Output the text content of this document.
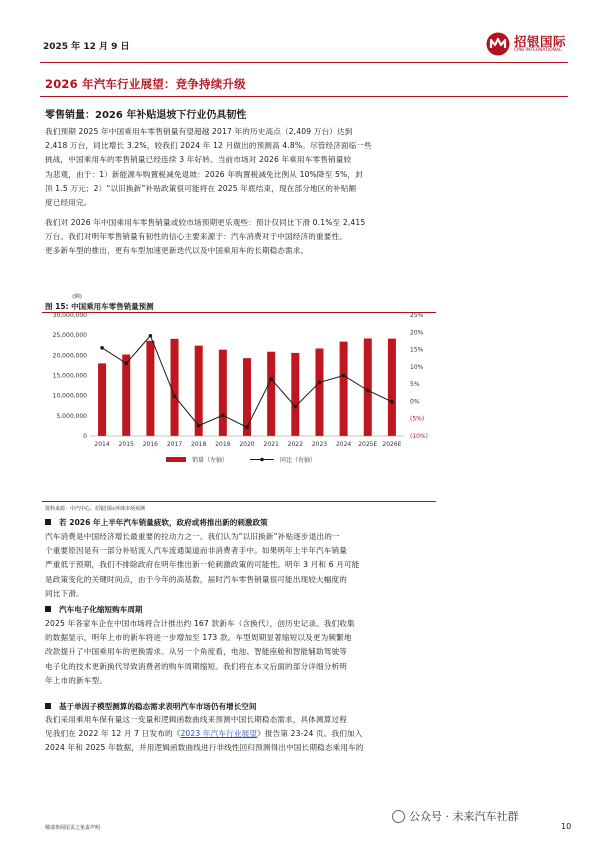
2025 年 12 月 9 日	招银国际
CMB INTERNATIONAL
2026 年汽车行业展望：竞争持续升级
零售销量：2026 年补贴退坡下行业仍具韧性

我们预期 2025 年中国乘用车零售销量有望超越 2017 年的历史高点（2,409 万台）达到

2,418 万台，同比增长 3.2%，较我们 2024 年 12 月做出的预测高 4.8%。尽管经济面临一些

挑战，中国乘用车的零售销量已经连续 3 年好转。当前市场对 2026 年乘用车零售销量较

为悲观，由于：1）新能源车购置税减免退坡：2026 年购置税减免比例从 10%降至 5%，封

顶 1.5 万元；2）“以旧换新”补贴政策很可能将在 2025 年底结束，现在部分地区的补贴额

度已经用完。

我们对 2026 年中国乘用车零售销量或较市场预期更乐观些：预计仅同比下滑 0.1%至 2,415

万台。我们对明年零售销量有韧性的信心主要来源于：汽车消费对于中国经济的重要性、

更多新车型的推出、更有车型加速更新迭代以及中国乘用车的长期稳态需求。

图 15: 中国乘用车零售销量预测
(辆)
30,000,000
25,000,000
20,000,000
15,000,000
10,000,000
5,000,000
0
25%
20%
15%
10%
5%
0%
(5%)
(10%)
2014 2015 2016 2017 2018 2019 2020 2021 2022 2023 2024 2025E 2026E
销量（左轴）	同比（右轴）
资料来源：中汽中心、招银国际环球市场预测
若 2026 年上半年汽车销量疲软，政府或将推出新的刺激政策

汽车消费是中国经济增长最重要的拉动力之一。我们认为“以旧换新”补贴逐步退出的一

个重要原因是有一部分补贴流入汽车流通渠道而非消费者手中。如果明年上半年汽车销量

严重低于预期，我们不排除政府在明年推出新一轮刺激政策的可能性。明年 3 月和 6 月可能

是政策变化的关键时间点，由于今年的高基数，届时汽车零售销量很可能出现较大幅度的

同比下滑。

汽车电子化缩短购车周期

2025 年各家车企在中国市场将合计推出约 167 款新车（含换代），创历史记录。我们收集

的数据显示，明年上市的新车将进一步增加至 173 款。车型周期显著缩短以及更为频繁地

改款提升了中国乘用车的更换需求。从另一个角度看，电池、智能座舱和智能辅助驾驶等

电子化的技术更新换代导致消费者的购车周期缩短。我们将在本文后面的部分详细分析明

年上市的新车型。

基于单因子模型测算的稳态需求表明汽车市场仍有增长空间

我们采用乘用车保有量这一变量和逻辑函数曲线来预测中国长期稳态需求，具体测算过程

见我们在 2022 年 12 月 7 日发布的《2023 年汽车行业展望》报告第 23-24 页。我们加入

2024 年和 2025 年数据，并用逻辑函数曲线进行非线性回归预测得出中国长期稳态乘用车的

公众号 · 未来汽车社群
敬请参阅尾页之免责声明	10
